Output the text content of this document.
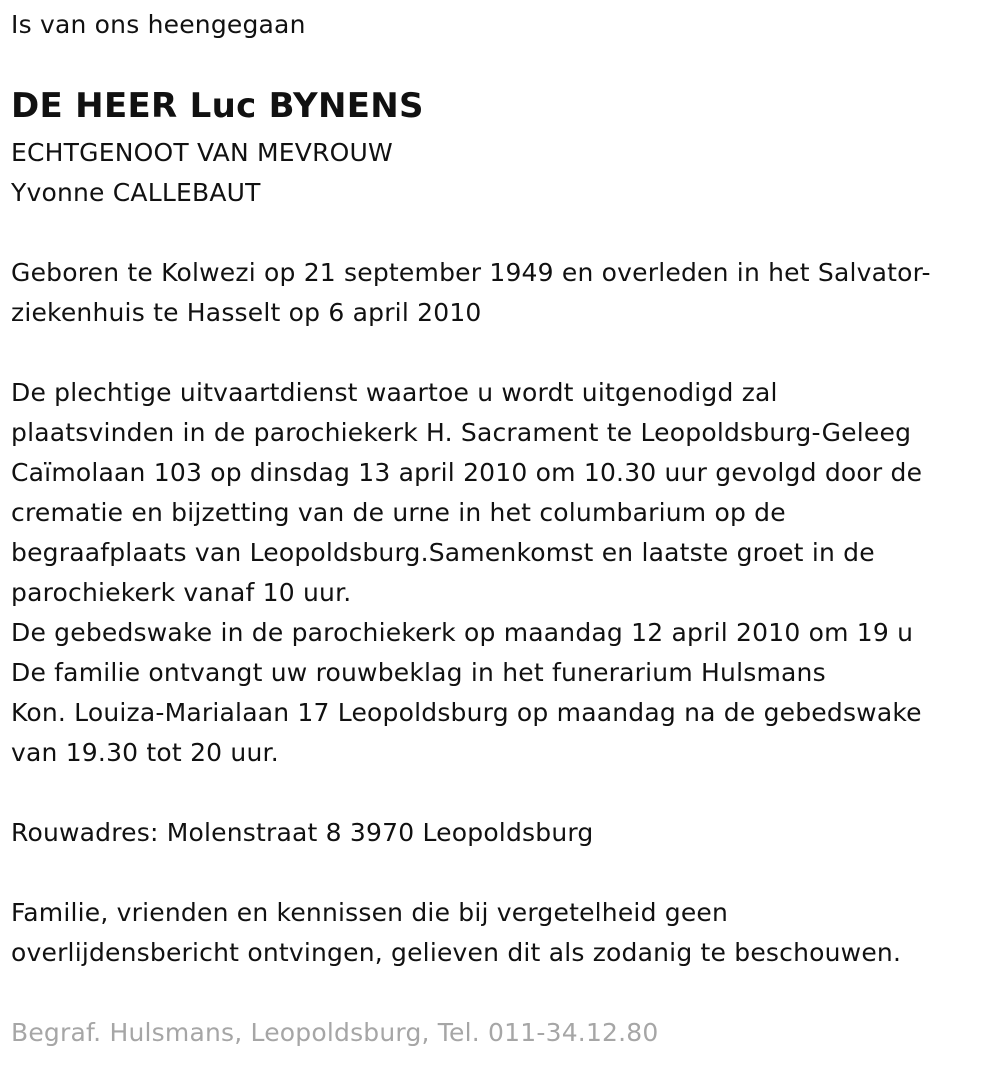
Is van ons heengegaan
DE HEER Luc BYNENS
ECHTGENOOT VAN MEVROUW
Yvonne CALLEBAUT
Geboren te Kolwezi op 21 september 1949 en overleden in het Salvator-
ziekenhuis te Hasselt op 6 april 2010
De plechtige uitvaartdienst waartoe u wordt uitgenodigd zal
plaatsvinden in de parochiekerk H. Sacrament te Leopoldsburg-Geleeg
Caïmolaan 103 op dinsdag 13 april 2010 om 10.30 uur gevolgd door de
crematie en bijzetting van de urne in het columbarium op de
begraafplaats van Leopoldsburg.Samenkomst en laatste groet in de
parochiekerk vanaf 10 uur.
De gebedswake in de parochiekerk op maandag 12 april 2010 om 19 u
De familie ontvangt uw rouwbeklag in het funerarium Hulsmans
Kon. Louiza-Marialaan 17 Leopoldsburg op maandag na de gebedswake
van 19.30 tot 20 uur.
Rouwadres: Molenstraat 8 3970 Leopoldsburg
Familie, vrienden en kennissen die bij vergetelheid geen
overlijdensbericht ontvingen, gelieven dit als zodanig te beschouwen.
Begraf. Hulsmans, Leopoldsburg, Tel. 011-34.12.80
